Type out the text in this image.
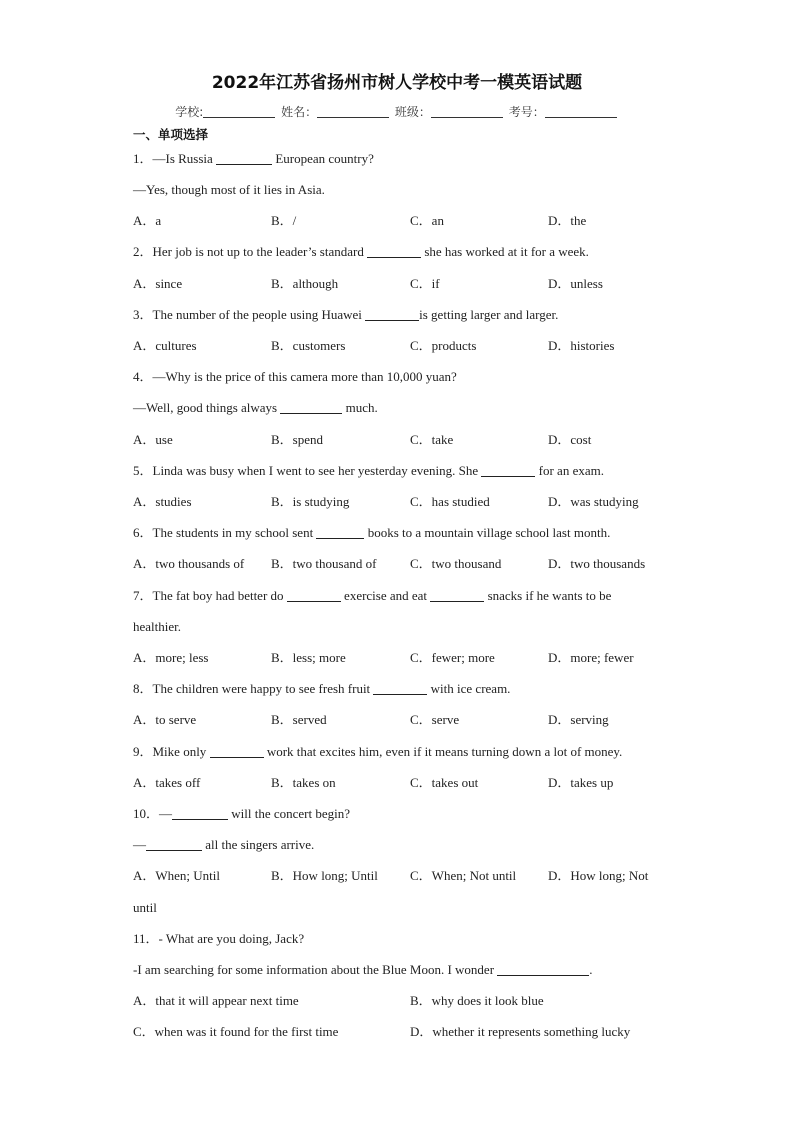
2022年江苏省扬州市树人学校中考一模英语试题
学校:	姓名：	班级：	考号：
一、单项选择
1．—Is Russia	European country?
—Yes, though most of it lies in Asia.
A．a	B．/	C．an	D．the
2．Her job is not up to the leader’s standard	she has worked at it for a week.
A．since	B．although	C．if	D．unless
3．The number of the people using Huawei	is getting larger and larger.
A．cultures	B．customers	C．products	D．histories
4．—Why is the price of this camera more than 10,000 yuan?
—Well, good things always	much.
A．use	B．spend	C．take	D．cost
5．Linda was busy when I went to see her yesterday evening. She	for an exam.
A．studies	B．is studying	C．has studied	D．was studying
6．The students in my school sent	books to a mountain village school last month.
A．two thousands of B．two thousand of	C．two thousand	D．two thousands
7．The fat boy had better do	exercise and eat	snacks if he wants to be
healthier.
A．more; less	B．less; more	C．fewer; more	D．more; fewer
8．The children were happy to see fresh fruit	with ice cream.
A．to serve	B．served	C．serve	D．serving
9．Mike only	work that excites him, even if it means turning down a lot of money.
A．takes off	B．takes on	C．takes out	D．takes up
10．—	will the concert begin?
—	all the singers arrive.
A．When; Until	B．How long; Until C．When; Not until D．How long; Not
until
11．- What are you doing, Jack?
-I am searching for some information about the Blue Moon. I wonder	.
A．that it will appear next time	B．why does it look blue
C．when was it found for the first time	D．whether it represents something lucky
